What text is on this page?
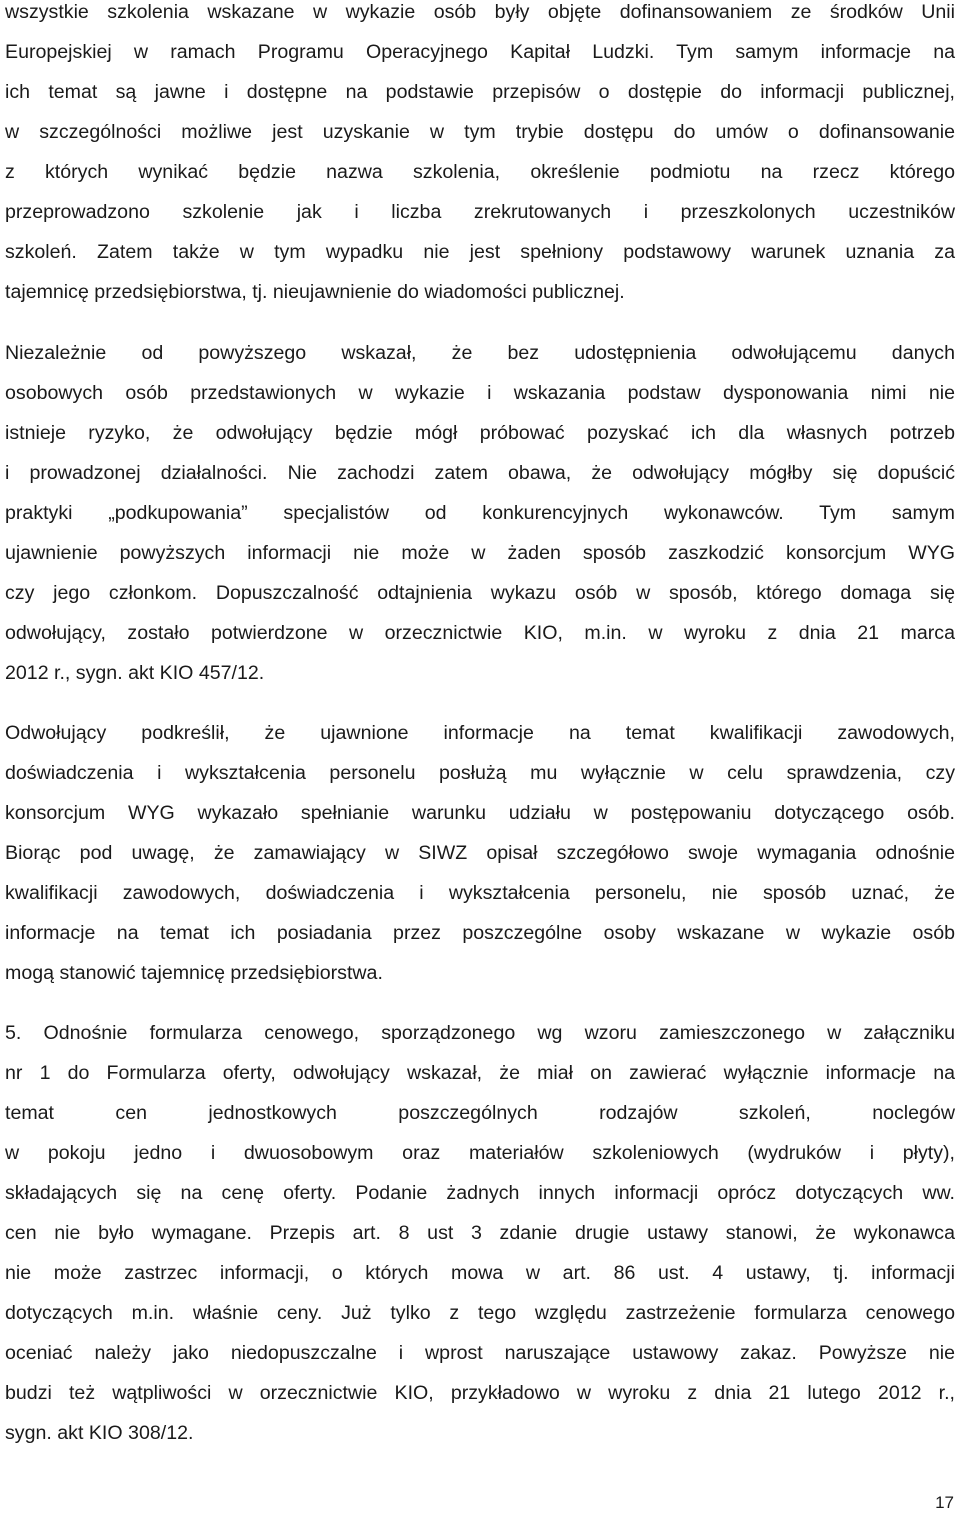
wszystkie szkolenia wskazane w wykazie osób były objęte dofinansowaniem ze środków Unii
Europejskiej w ramach Programu Operacyjnego Kapitał Ludzki. Tym samym informacje na
ich temat są jawne i dostępne na podstawie przepisów o dostępie do informacji publicznej,
w szczególności możliwe jest uzyskanie w tym trybie dostępu do umów o dofinansowanie
z których wynikać będzie nazwa szkolenia, określenie podmiotu na rzecz którego
przeprowadzono szkolenie jak i liczba zrekrutowanych i przeszkolonych uczestników
szkoleń. Zatem także w tym wypadku nie jest spełniony podstawowy warunek uznania za
tajemnicę przedsiębiorstwa, tj. nieujawnienie do wiadomości publicznej.
Niezależnie od powyższego wskazał, że bez udostępnienia odwołującemu danych
osobowych osób przedstawionych w wykazie i wskazania podstaw dysponowania nimi nie
istnieje ryzyko, że odwołujący będzie mógł próbować pozyskać ich dla własnych potrzeb
i prowadzonej działalności. Nie zachodzi zatem obawa, że odwołujący mógłby się dopuścić
praktyki „podkupowania” specjalistów od konkurencyjnych wykonawców. Tym samym
ujawnienie powyższych informacji nie może w żaden sposób zaszkodzić konsorcjum WYG
czy jego członkom. Dopuszczalność odtajnienia wykazu osób w sposób, którego domaga się
odwołujący, zostało potwierdzone w orzecznictwie KIO, m.in. w wyroku z dnia 21 marca
2012 r., sygn. akt KIO 457/12.
Odwołujący podkreślił, że ujawnione informacje na temat kwalifikacji zawodowych,
doświadczenia i wykształcenia personelu posłużą mu wyłącznie w celu sprawdzenia, czy
konsorcjum WYG wykazało spełnianie warunku udziału w postępowaniu dotyczącego osób.
Biorąc pod uwagę, że zamawiający w SIWZ opisał szczegółowo swoje wymagania odnośnie
kwalifikacji zawodowych, doświadczenia i wykształcenia personelu, nie sposób uznać, że
informacje na temat ich posiadania przez poszczególne osoby wskazane w wykazie osób
mogą stanowić tajemnicę przedsiębiorstwa.
5. Odnośnie formularza cenowego, sporządzonego wg wzoru zamieszczonego w załączniku
nr 1 do Formularza oferty, odwołujący wskazał, że miał on zawierać wyłącznie informacje na
temat cen jednostkowych poszczególnych rodzajów szkoleń, noclegów
w pokoju jedno i dwuosobowym oraz materiałów szkoleniowych (wydruków i płyty),
składających się na cenę oferty. Podanie żadnych innych informacji oprócz dotyczących ww.
cen nie było wymagane. Przepis art. 8 ust 3 zdanie drugie ustawy stanowi, że wykonawca
nie może zastrzec informacji, o których mowa w art. 86 ust. 4 ustawy, tj. informacji
dotyczących m.in. właśnie ceny. Już tylko z tego względu zastrzeżenie formularza cenowego
oceniać należy jako niedopuszczalne i wprost naruszające ustawowy zakaz. Powyższe nie
budzi też wątpliwości w orzecznictwie KIO, przykładowo w wyroku z dnia 21 lutego 2012 r.,
sygn. akt KIO 308/12.
17
